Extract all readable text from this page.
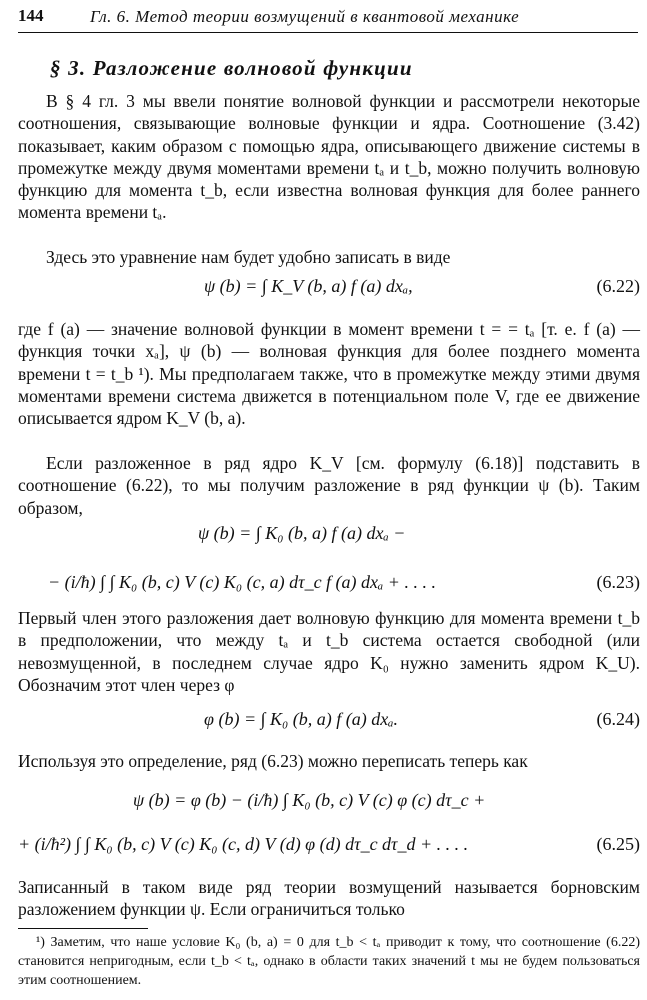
144	Гл. 6. Метод теории возмущений в квантовой механике
§ 3. Разложение волновой функции
В § 4 гл. 3 мы ввели понятие волновой функции и рассмотрели некоторые соотношения, связывающие волновые функции и ядра. Соотношение (3.42) показывает, каким образом с помощью ядра, описывающего движение системы в промежутке между двумя моментами времени tₐ и t_b, можно получить волновую функцию для момента t_b, если известна волновая функция для более раннего момента времени tₐ.
Здесь это уравнение нам будет удобно записать в виде
ψ (b) = ∫ K_V (b, a) f (a) dxₐ,	(6.22)
где f (a) — значение волновой функции в момент времени t = = tₐ [т. е. f (a) — функция точки xₐ], ψ (b) — волновая функция для более позднего момента времени t = t_b ¹). Мы предполагаем также, что в промежутке между этими двумя моментами времени система движется в потенциальном поле V, где ее движение описывается ядром K_V (b, a).
Если разложенное в ряд ядро K_V [см. формулу (6.18)] подставить в соотношение (6.22), то мы получим разложение в ряд функции ψ (b). Таким образом,
ψ (b) = ∫ K₀ (b, a) f (a) dxₐ −
− (i/ħ) ∫ ∫ K₀ (b, c) V (c) K₀ (c, a) dτ_c f (a) dxₐ + . . . .	(6.23)
Первый член этого разложения дает волновую функцию для момента времени t_b в предположении, что между tₐ и t_b система остается свободной (или невозмущенной, в последнем случае ядро K₀ нужно заменить ядром K_U). Обозначим этот член через φ
φ (b) = ∫ K₀ (b, a) f (a) dxₐ.	(6.24)
Используя это определение, ряд (6.23) можно переписать теперь как
ψ (b) = φ (b) − (i/ħ) ∫ K₀ (b, c) V (c) φ (c) dτ_c +
+ (i/ħ²) ∫ ∫ K₀ (b, c) V (c) K₀ (c, d) V (d) φ (d) dτ_c dτ_d + . . . .	(6.25)
Записанный в таком виде ряд теории возмущений называется борновским разложением функции ψ. Если ограничиться только
¹) Заметим, что наше условие K₀ (b, a) = 0 для t_b < tₐ приводит к тому, что соотношение (6.22) становится непригодным, если t_b < tₐ, однако в области таких значений t мы не будем пользоваться этим соотношением.
